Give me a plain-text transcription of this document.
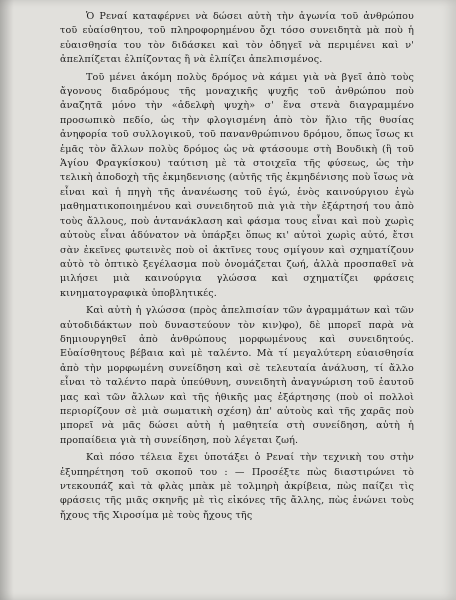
Ὁ Ρεναί καταφέρνει νὰ δώσει αὐτὴ τὴν ἀγωνία τοῦ ἀνθρώπου τοῦ εὐαίσθητου, τοῦ πληροφορημένου ὄχι τόσο συνειδητὰ μὰ ποὺ ἡ εὐαισθησία του τὸν διδάσκει καὶ τὸν ὁδηγεῖ νὰ περιμένει καὶ ν' ἀπελπίζεται ἐλπίζοντας ἢ νὰ ἐλπίζει ἀπελπισμένος.

Τοῦ μένει ἀκόμη πολὺς δρόμος νὰ κάμει γιὰ νὰ βγεῖ ἀπὸ τοὺς ἄγονους διαδρόμους τῆς μοναχικῆς ψυχῆς τοῦ ἀνθρώπου ποὺ ἀναζητᾶ μόνο τὴν «ἀδελφὴ ψυχὴ» σ' ἕνα στενὰ διαγραμμένο προσωπικὸ πεδίο, ὡς τὴν φλογισμένη ἀπὸ τὸν ἥλιο τῆς θυσίας ἀνηφορία τοῦ συλλογικοῦ, τοῦ πανανθρώπινου δρόμου, ὅπως ἴσως κι ἐμᾶς τὸν ἄλλων πολὺς δρόμος ὡς νὰ φτάσουμε στὴ Βουδικὴ (ἢ τοῦ Ἁγίου Φραγκίσκου) ταύτιση μὲ τὰ στοιχεῖα τῆς φύσεως, ὡς τὴν τελικὴ ἀποδοχὴ τῆς ἐκμηδενισης (αὐτῆς τῆς ἐκμηδένισης ποὺ ἴσως νὰ εἶναι καὶ ἡ πηγὴ τῆς ἀνανέωσης τοῦ ἐγώ, ἑνὸς καινούργιου ἐγὼ μαθηματικοποιημένου καὶ συνειδητοῦ πιὰ γιὰ τὴν ἐξάρτησή του ἀπὸ τοὺς ἄλλους, ποὺ ἀντανάκλαση καὶ φάσμα τους εἶναι καὶ ποὺ χωρὶς αὐτοὺς εἶναι ἀδύνατον νὰ ὑπάρξει ὅπως κι' αὐτοὶ χωρὶς αὐτό, ἔτσι σὰν ἐκεῖνες φωτεινὲς ποὺ οἱ ἀκτῖνες τους σμίγουν καὶ σχηματίζουν αὐτὸ τὸ ὀπτικὸ ξεγέλασμα ποὺ ὀνομάζεται ζωή, ἀλλὰ προσπαθεῖ νὰ μιλήσει μιὰ καινούργια γλώσσα καὶ σχηματίζει φράσεις κινηματογραφικὰ ὑποβλητικές.

Καὶ αὐτὴ ἡ γλώσσα (πρὸς ἀπελπισίαν τῶν ἀγραμμάτων καὶ τῶν αὐτοδιδάκτων ποὺ δυναστεύουν τὸν κιν)φο), δὲ μπορεῖ παρὰ νὰ δημιουργηθεῖ ἀπὸ ἀνθρώπους μορφωμένους καὶ συνειδητούς. Εὐαίσθητους βέβαια καὶ μὲ ταλέντο. Μὰ τί μεγαλύτερη εὐαισθησία ἀπὸ τὴν μορφωμένη συνείδηση καὶ σὲ τελευταία ἀνάλυση, τί ἄλλο εἶναι τὸ ταλέντο παρὰ ὑπεύθυνη, συνειδητὴ ἀναγνώριση τοῦ ἑαυτοῦ μας καὶ τῶν ἄλλων καὶ τῆς ἠθικῆς μας ἐξάρτησης (ποὺ οἱ πολλοὶ περιορίζουν σὲ μιὰ σωματικὴ σχέση) ἀπ' αὐτοὺς καὶ τῆς χαρᾶς ποὺ μπορεῖ νὰ μᾶς δώσει αὐτὴ ἡ μαθητεία στὴ συνείδηση, αὐτὴ ἡ προπαίδεια γιὰ τὴ συνείδηση, ποὺ λέγεται ζωή.

Καὶ πόσο τέλεια ἔχει ὑποτάξει ὁ Ρεναί τὴν τεχνικὴ του στὴν ἐξυπηρέτηση τοῦ σκοποῦ του : — Προσέξτε πὼς διαστιρώνει τὸ ντεκουπάζ καὶ τὰ φλὰς μπὰκ μὲ τολμηρὴ ἀκρίβεια, πὼς παίζει τὶς φράσεις τῆς μιᾶς σκηνῆς μὲ τὶς εἰκόνες τῆς ἄλλης, πὼς ἑνώνει τοὺς ἤχους τῆς Χιροσίμα μὲ τοὺς ἤχους τῆς
